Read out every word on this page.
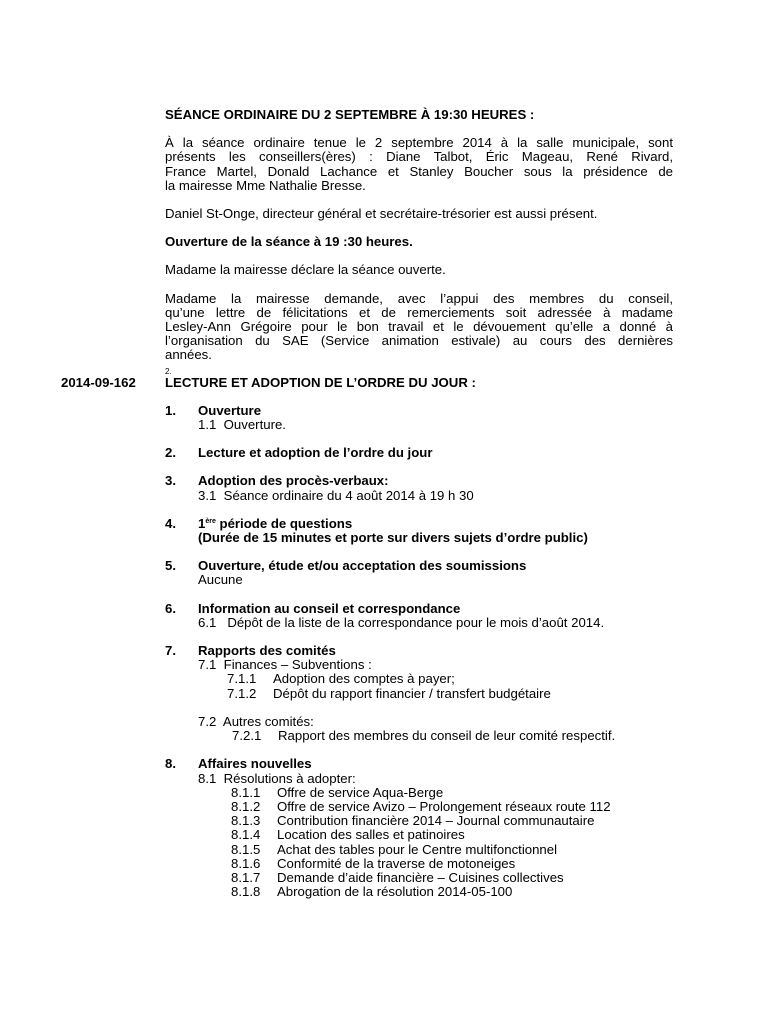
SÉANCE ORDINAIRE DU 2 SEPTEMBRE À 19:30 HEURES :

À la séance ordinaire tenue le 2 septembre 2014 à la salle municipale, sont
présents les conseillers(ères) : Diane Talbot, Éric Mageau, René Rivard,
France Martel, Donald Lachance et Stanley Boucher sous la présidence de
la mairesse Mme Nathalie Bresse.

Daniel St-Onge, directeur général et secrétaire-trésorier est aussi présent.

Ouverture de la séance à 19 :30 heures.

Madame la mairesse déclare la séance ouverte.

Madame la mairesse demande, avec l’appui des membres du conseil,
qu’une lettre de félicitations et de remerciements soit adressée à madame
Lesley-Ann Grégoire pour le bon travail et le dévouement qu’elle a donné à
l’organisation du SAE (Service animation estivale) au cours des dernières
années.
2.
2014-09-162 LECTURE ET ADOPTION DE L’ORDRE DU JOUR :
1. Ouverture
1.1  Ouverture.
2. Lecture et adoption de l’ordre du jour
3. Adoption des procès-verbaux:
3.1  Séance ordinaire du 4 août 2014 à 19 h 30
4. 1ère période de questions
(Durée de 15 minutes et porte sur divers sujets d’ordre public)
5. Ouverture, étude et/ou acceptation des soumissions
Aucune
6. Information au conseil et correspondance
6.1   Dépôt de la liste de la correspondance pour le mois d’août 2014.
7. Rapports des comités
7.1  Finances – Subventions :
7.1.1 Adoption des comptes à payer;
7.1.2 Dépôt du rapport financier / transfert budgétaire
7.2  Autres comités:
7.2.1 Rapport des membres du conseil de leur comité respectif.
8. Affaires nouvelles
8.1  Résolutions à adopter:
8.1.1 Offre de service Aqua-Berge
8.1.2 Offre de service Avizo – Prolongement réseaux route 112
8.1.3 Contribution financière 2014 – Journal communautaire
8.1.4 Location des salles et patinoires
8.1.5 Achat des tables pour le Centre multifonctionnel
8.1.6 Conformité de la traverse de motoneiges
8.1.7 Demande d’aide financière – Cuisines collectives
8.1.8 Abrogation de la résolution 2014-05-100
